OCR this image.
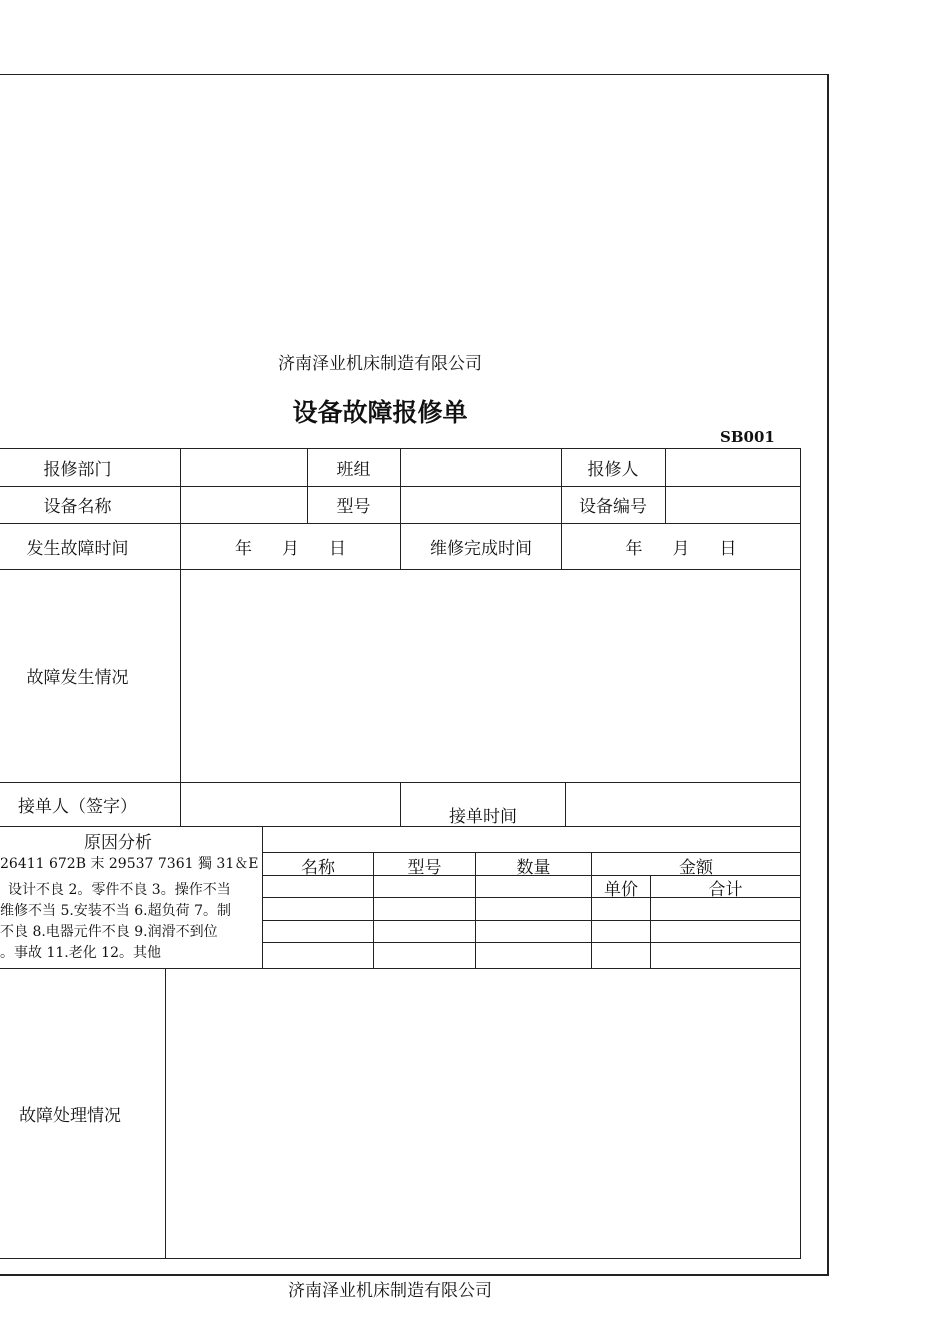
济南泽业机床制造有限公司
设备故障报修单
SB001
报修部门	班组	报修人
设备名称	型号	设备编号
发生故障时间	年 月 日	维修完成时间	年 月 日
故障发生情况
接单人（签字）	接单时间
原因分析
26411 672B 末 29537 7361 獨 31＆E
设计不良 2。零件不良 3。操作不当
维修不当 5.安装不当 6.超负荷 7。制
不良 8.电器元件不良 9.润滑不到位
。事故 11.老化 12。其他
名称	型号	数量	金额
单价	合计
故障处理情况
济南泽业机床制造有限公司
